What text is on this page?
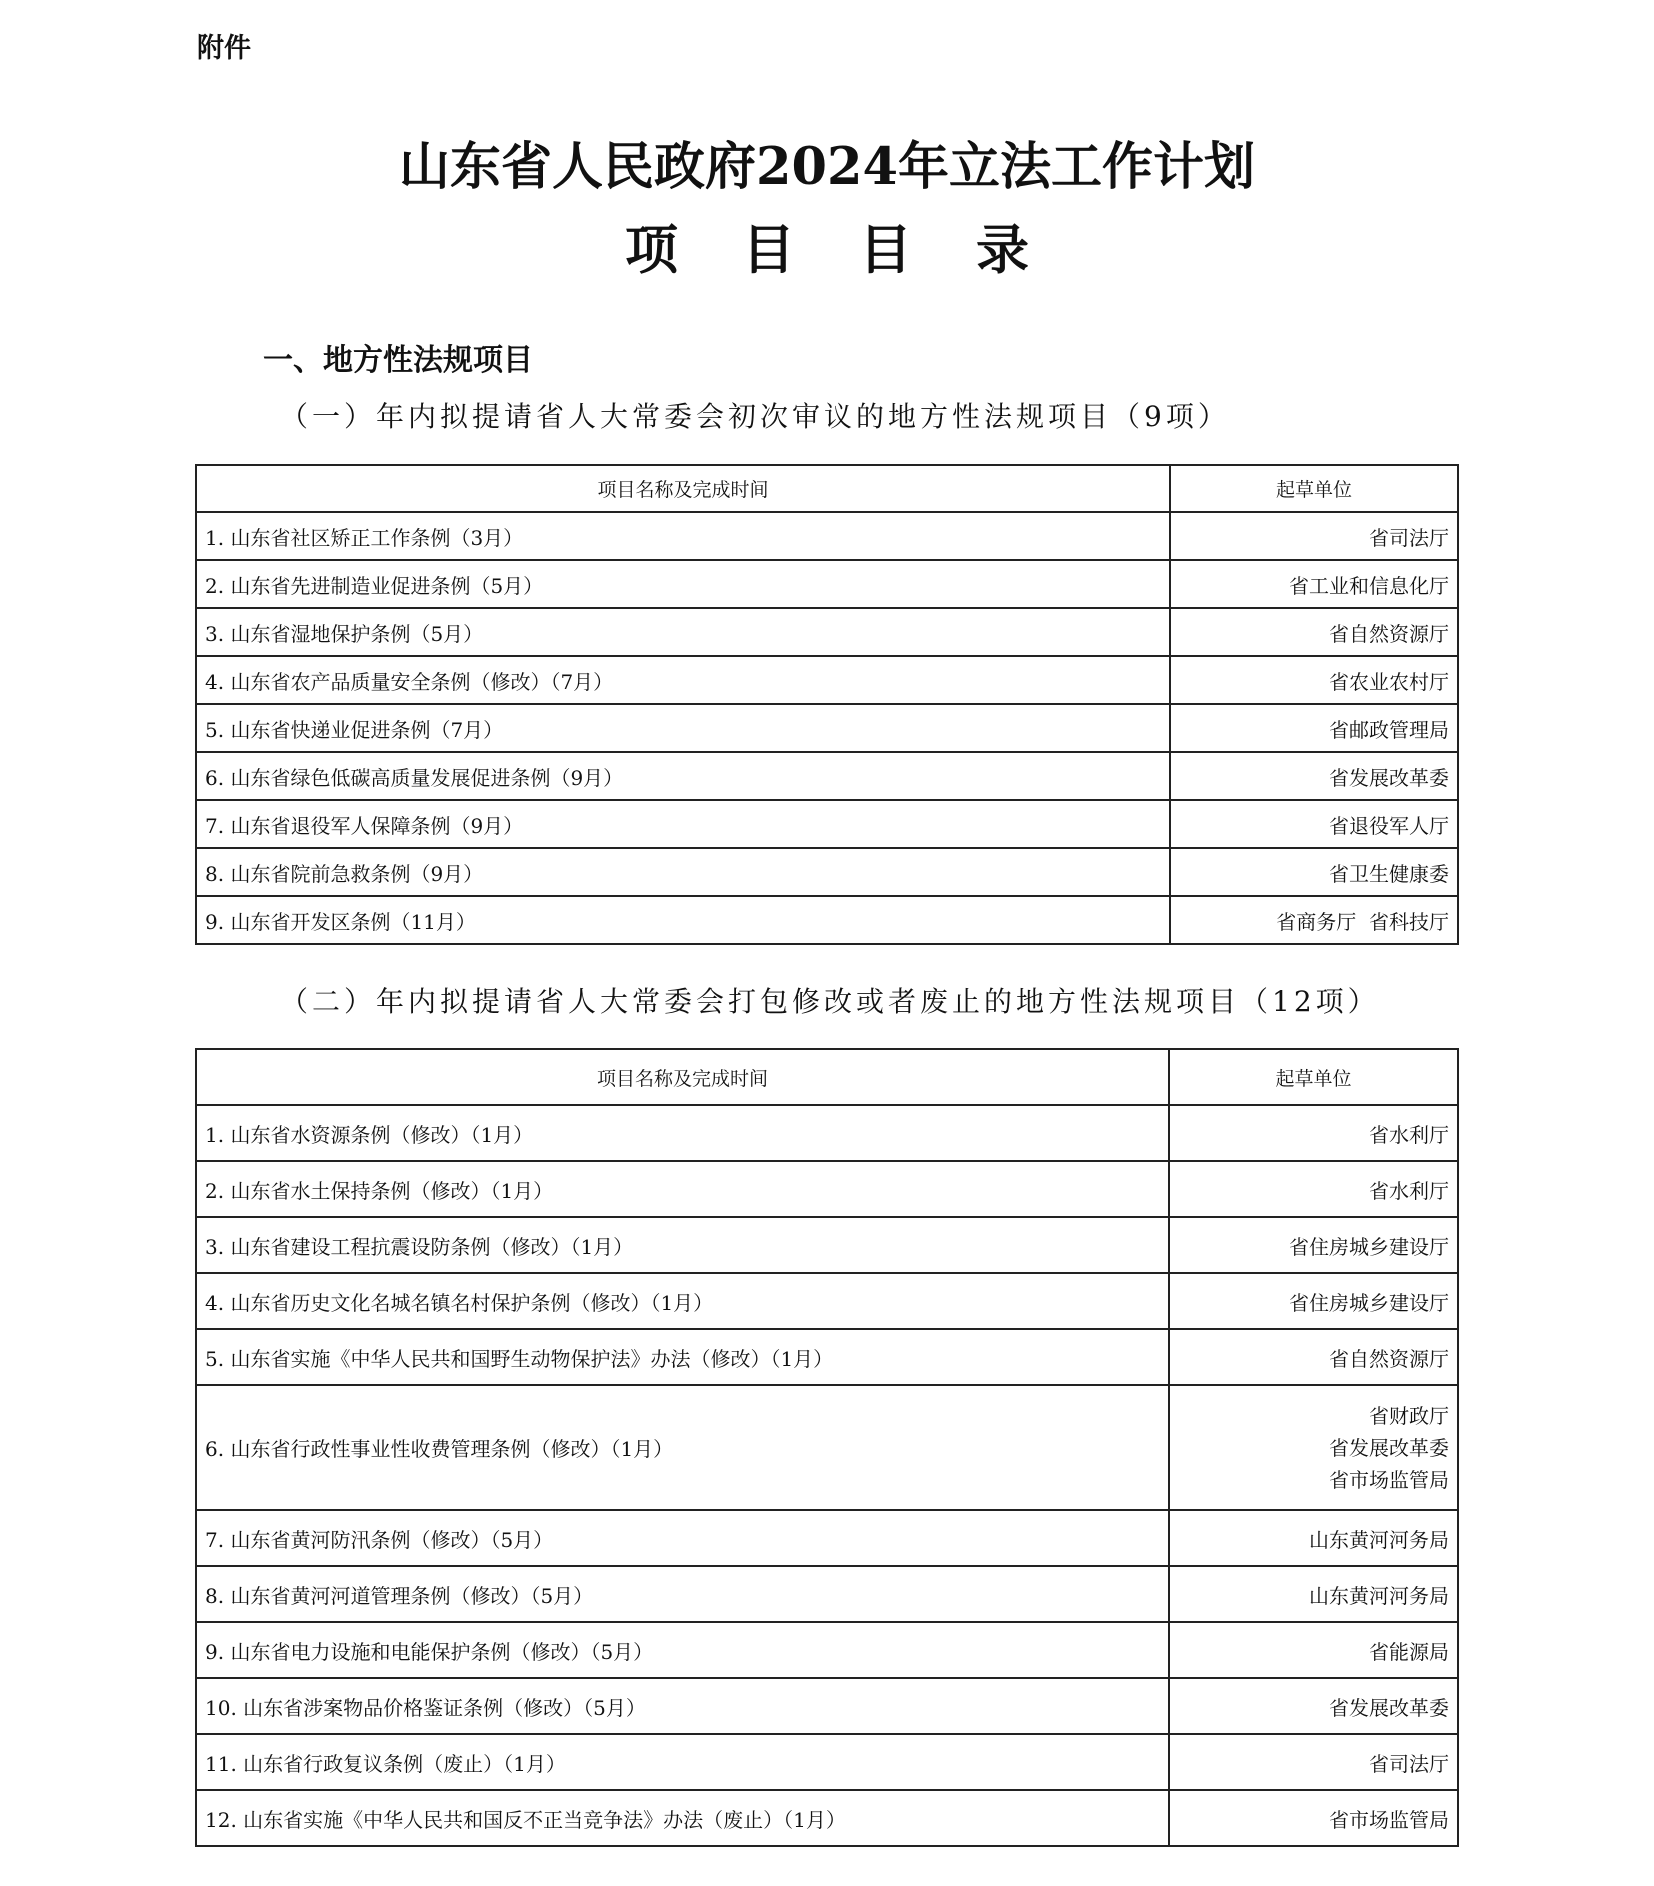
附件
山东省人民政府2024年立法工作计划
项 目 目 录
一、地方性法规项目
（一）年内拟提请省人大常委会初次审议的地方性法规项目（9项）
项目名称及完成时间	起草单位
1. 山东省社区矫正工作条例（3月）	省司法厅
2. 山东省先进制造业促进条例（5月）	省工业和信息化厅
3. 山东省湿地保护条例（5月）	省自然资源厅
4. 山东省农产品质量安全条例（修改）（7月）	省农业农村厅
5. 山东省快递业促进条例（7月）	省邮政管理局
6. 山东省绿色低碳高质量发展促进条例（9月）	省发展改革委
7. 山东省退役军人保障条例（9月）	省退役军人厅
8. 山东省院前急救条例（9月）	省卫生健康委
9. 山东省开发区条例（11月）	省商务厅  省科技厅
（二）年内拟提请省人大常委会打包修改或者废止的地方性法规项目（12项）
项目名称及完成时间	起草单位
1. 山东省水资源条例（修改）（1月）	省水利厅
2. 山东省水土保持条例（修改）（1月）	省水利厅
3. 山东省建设工程抗震设防条例（修改）（1月）	省住房城乡建设厅
4. 山东省历史文化名城名镇名村保护条例（修改）（1月）	省住房城乡建设厅
5. 山东省实施《中华人民共和国野生动物保护法》办法（修改）（1月）	省自然资源厅
6. 山东省行政性事业性收费管理条例（修改）（1月）	省财政厅
省发展改革委
省市场监管局

7. 山东省黄河防汛条例（修改）（5月）	山东黄河河务局
8. 山东省黄河河道管理条例（修改）（5月）	山东黄河河务局
9. 山东省电力设施和电能保护条例（修改）（5月）	省能源局
10. 山东省涉案物品价格鉴证条例（修改）（5月）	省发展改革委
11. 山东省行政复议条例（废止）（1月）	省司法厅
12. 山东省实施《中华人民共和国反不正当竞争法》办法（废止）（1月）	省市场监管局
